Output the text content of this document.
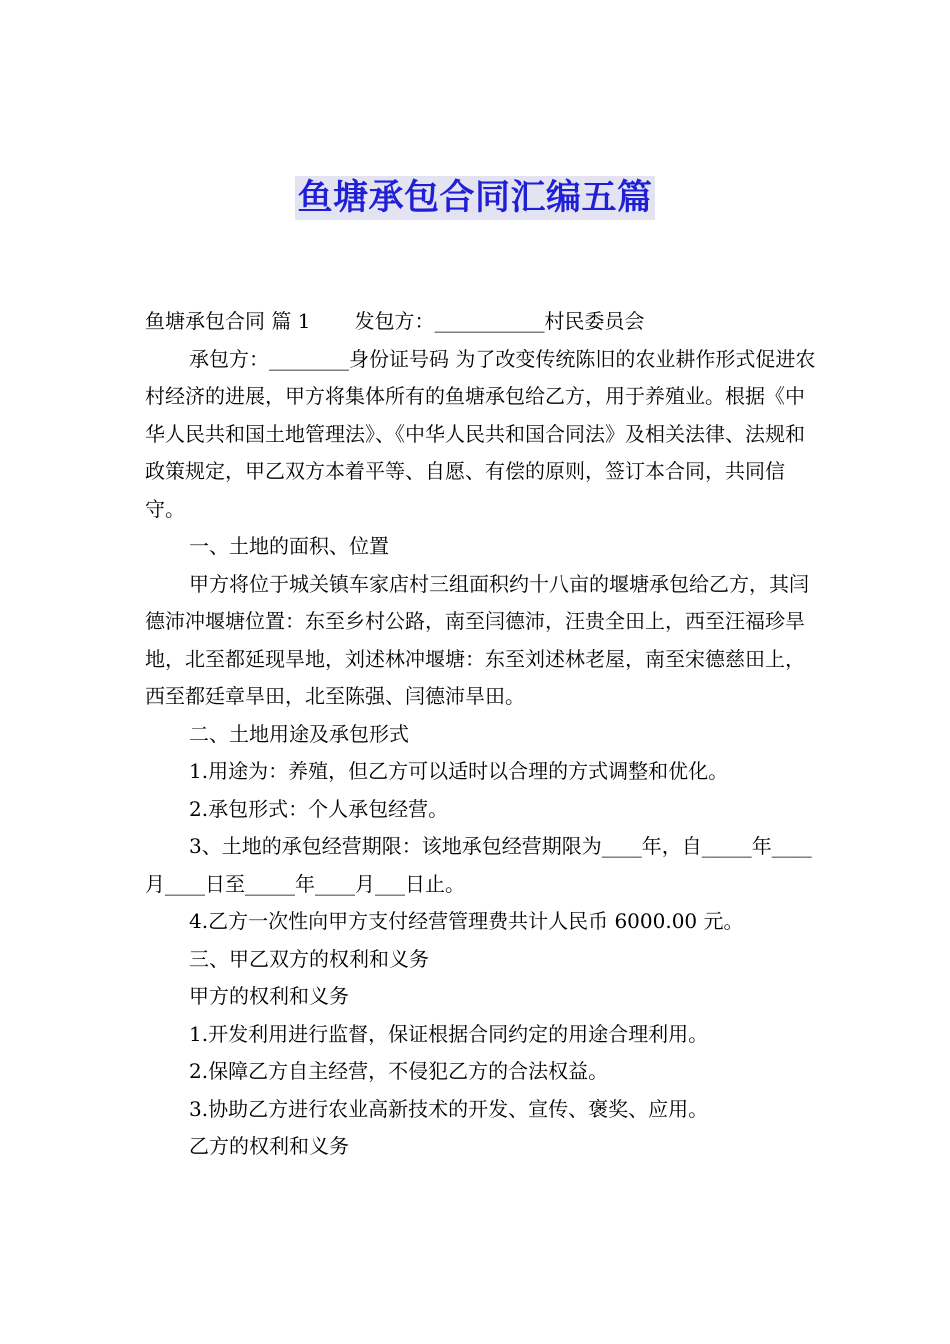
鱼塘承包合同汇编五篇

鱼塘承包合同 篇 1 发包方：___________村民委员会

承包方：________身份证号码 为了改变传统陈旧的农业耕作形式促进农村经济的进展，甲方将集体所有的鱼塘承包给乙方，用于养殖业。根据《中华人民共和国土地管理法》、《中华人民共和国合同法》及相关法律、法规和政策规定，甲乙双方本着平等、自愿、有偿的原则，签订本合同，共同信守。

一、土地的面积、位置

甲方将位于城关镇车家店村三组面积约十八亩的堰塘承包给乙方，其闫德沛冲堰塘位置：东至乡村公路，南至闫德沛，汪贵全田上，西至汪福珍旱地，北至都延现旱地，刘述林冲堰塘：东至刘述林老屋，南至宋德慈田上，西至都廷章旱田，北至陈强、闫德沛旱田。

二、土地用途及承包形式

1.用途为：养殖，但乙方可以适时以合理的方式调整和优化。

2.承包形式：个人承包经营。

3、土地的承包经营期限：该地承包经营期限为____年，自_____年____月____日至_____年____月___日止。

4.乙方一次性向甲方支付经营管理费共计人民币 6000.00 元。

三、甲乙双方的权利和义务

甲方的权利和义务

1.开发利用进行监督，保证根据合同约定的用途合理利用。

2.保障乙方自主经营，不侵犯乙方的合法权益。

3.协助乙方进行农业高新技术的开发、宣传、褒奖、应用。

乙方的权利和义务
